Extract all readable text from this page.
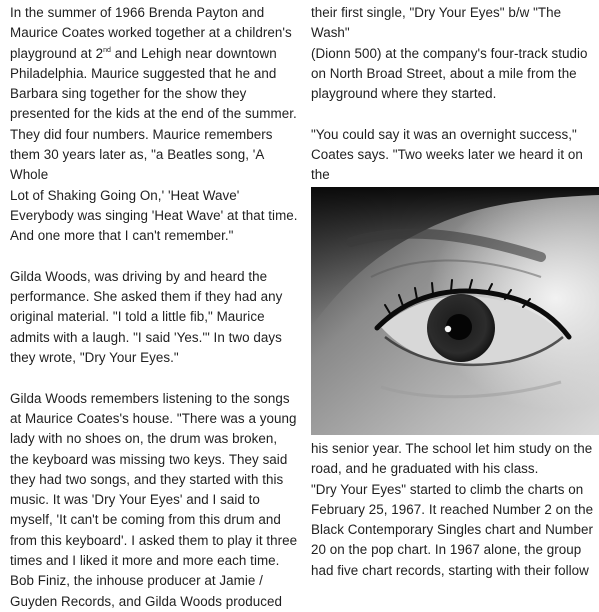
In the summer of 1966 Brenda Payton and
Maurice Coates worked together at a children's
playground at 2nd and Lehigh near downtown
Philadelphia. Maurice suggested that he and
Barbara sing together for the show they
presented for the kids at the end of the summer.
They did four numbers. Maurice remembers
them 30 years later as, "a Beatles song, 'A Whole
Lot of Shaking Going On,' 'Heat Wave'
Everybody was singing 'Heat Wave' at that time.
And one more that I can't remember."

Gilda Woods, was driving by and heard the
performance. She asked them if they had any
original material. "I told a little fib," Maurice
admits with a laugh. "I said 'Yes.'" In two days
they wrote, "Dry Your Eyes."

Gilda Woods remembers listening to the songs
at Maurice Coates's house. "There was a young
lady with no shoes on, the drum was broken,
the keyboard was missing two keys. They said
they had two songs, and they started with this
music. It was 'Dry Your Eyes' and I said to
myself, 'It can't be coming from this drum and
from this keyboard'. I asked them to play it three
times and I liked it more and more each time.
Bob Finiz, the inhouse producer at Jamie /
Guyden Records, and Gilda Woods produced

their first single, "Dry Your Eyes" b/w "The Wash"
(Dionn 500) at the company's four-track studio
on North Broad Street, about a mile from the
playground where they started.

"You could say it was an overnight success,"
Coates says. "Two weeks later we heard it on the

his senior year. The school let him study on the
road, and he graduated with his class.
"Dry Your Eyes" started to climb the charts on
February 25, 1967. It reached Number 2 on the
Black Contemporary Singles chart and Number
20 on the pop chart. In 1967 alone, the group
had five chart records, starting with their follow
